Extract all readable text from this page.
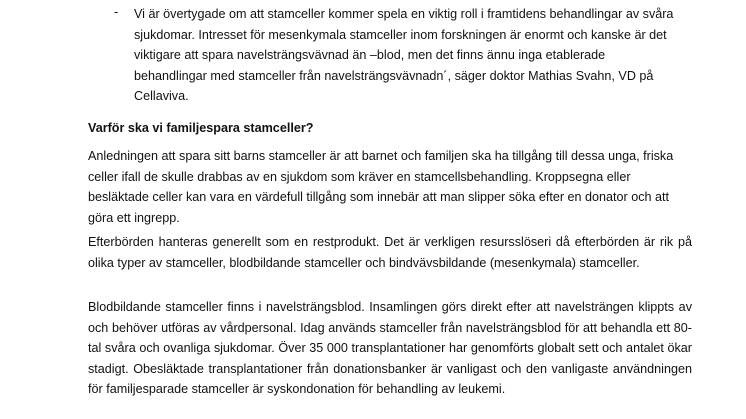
- Vi är övertygade om att stamceller kommer spela en viktig roll i framtidens behandlingar av svåra sjukdomar. Intresset för mesenkymala stamceller inom forskningen är enormt och kanske är det viktigare att spara navelsträngsvävnad än –blod, men det finns ännu inga etablerade behandlingar med stamceller från navelsträngsvävnadn´, säger doktor Mathias Svahn, VD på Cellaviva.
Varför ska vi familjespara stamceller?
Anledningen att spara sitt barns stamceller är att barnet och familjen ska ha tillgång till dessa unga, friska celler ifall de skulle drabbas av en sjukdom som kräver en stamcellsbehandling. Kroppsegna eller besläktade celler kan vara en värdefull tillgång som innebär att man slipper söka efter en donator och att göra ett ingrepp.
Efterbörden hanteras generellt som en restprodukt. Det är verkligen resursslöseri då efterbörden är rik på olika typer av stamceller, blodbildande stamceller och bindvävsbildande (mesenkymala) stamceller.
Blodbildande stamceller finns i navelsträngsblod. Insamlingen görs direkt efter att navelsträngen klippts av och behöver utföras av vårdpersonal. Idag används stamceller från navelsträngsblod för att behandla ett 80-tal svåra och ovanliga sjukdomar. Över 35 000 transplantationer har genomförts globalt sett och antalet ökar stadigt. Obesläktade transplantationer från donationsbanker är vanligast och den vanligaste användningen för familjesparade stamceller är syskondonation för behandling av leukemi.
